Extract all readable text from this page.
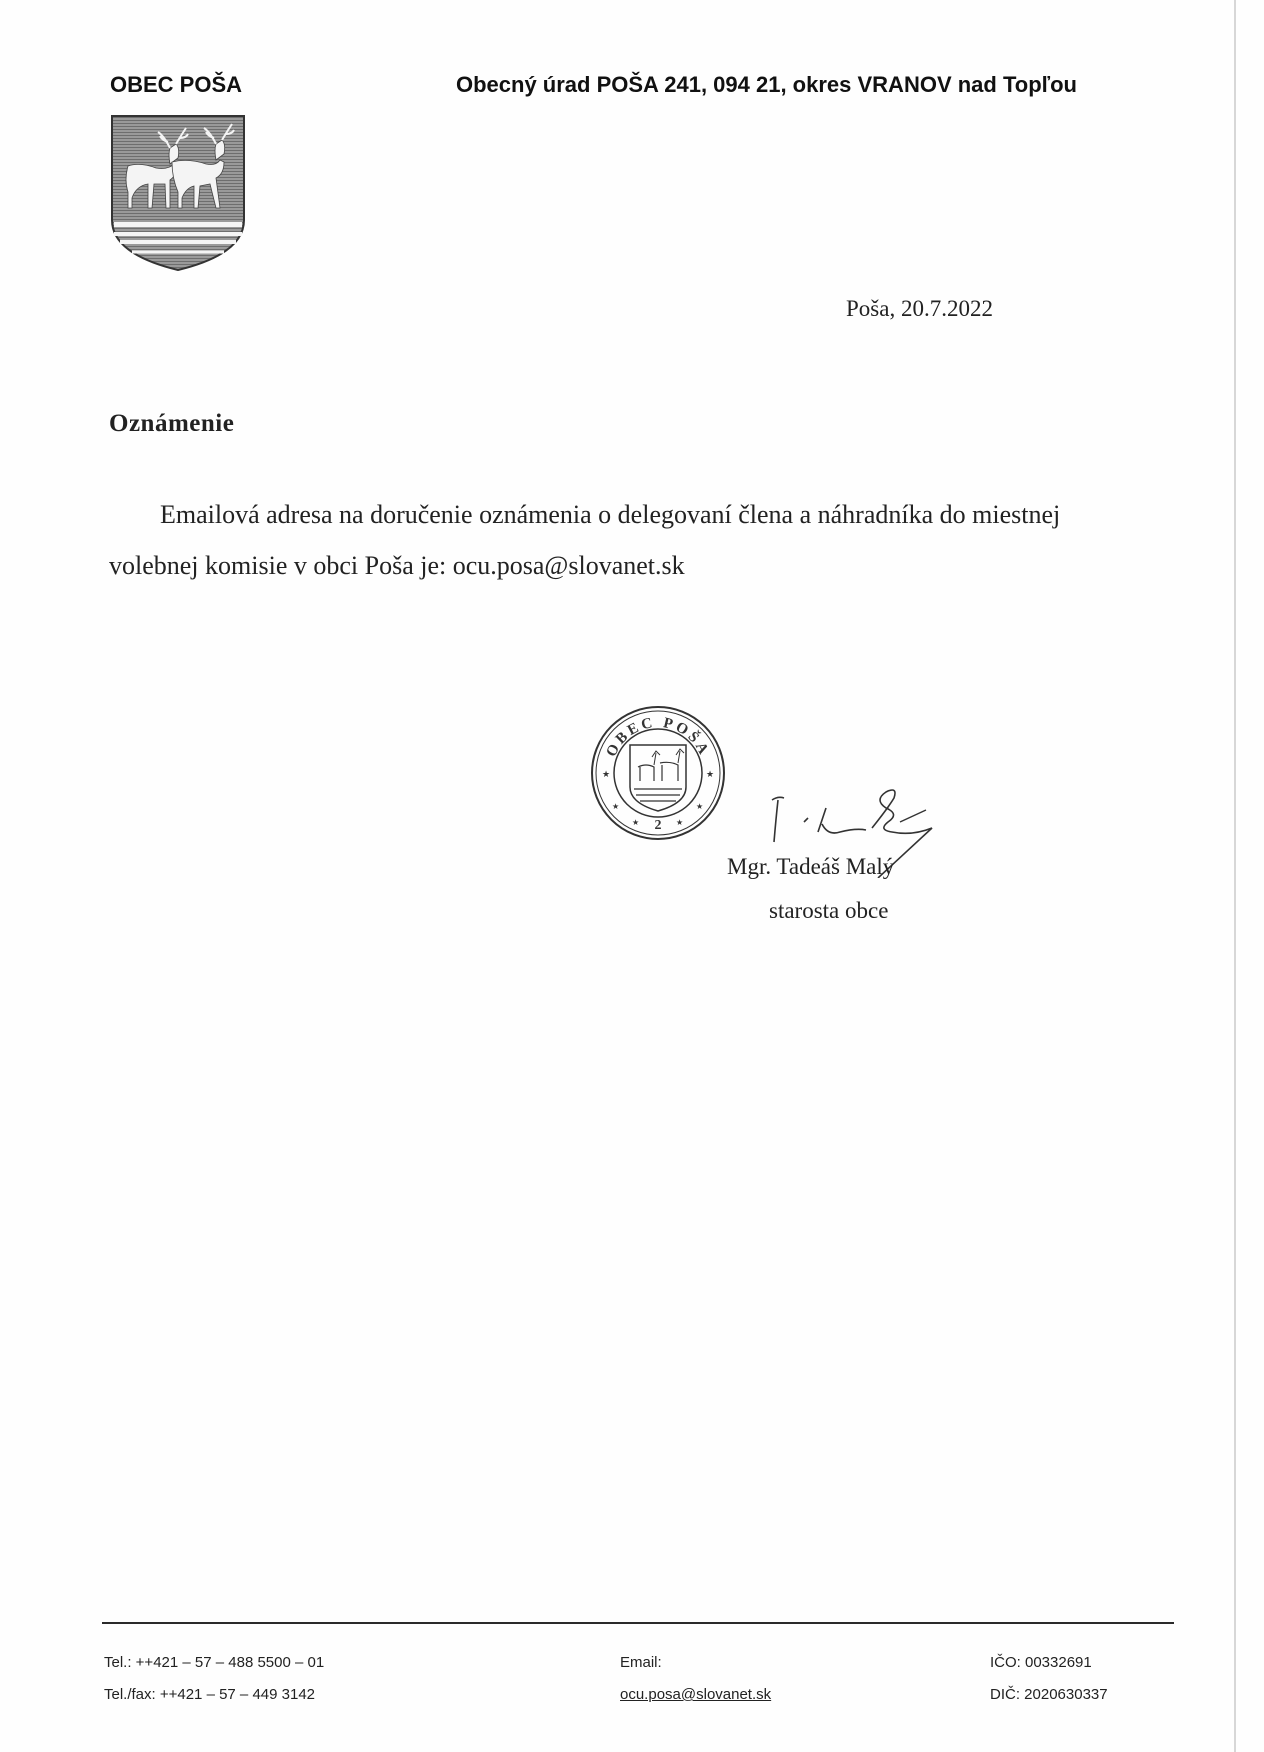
OBEC POŠA	Obecný úrad POŠA 241, 094 21, okres VRANOV nad Topľou
Poša, 20.7.2022
Oznámenie
Emailová adresa na doručenie oznámenia o delegovaní člena a náhradníka do miestnej
volebnej komisie v obci Poša je: ocu.posa@slovanet.sk
OBEC POŠA
2
★	★
★	★
★	★
Mgr. Tadeáš Malý
starosta obce
Tel.: ++421 – 57 – 488 5500 – 01
Tel./fax: ++421 – 57 – 449 3142
Email:
ocu.posa@slovanet.sk
IČO: 00332691
DIČ: 2020630337
